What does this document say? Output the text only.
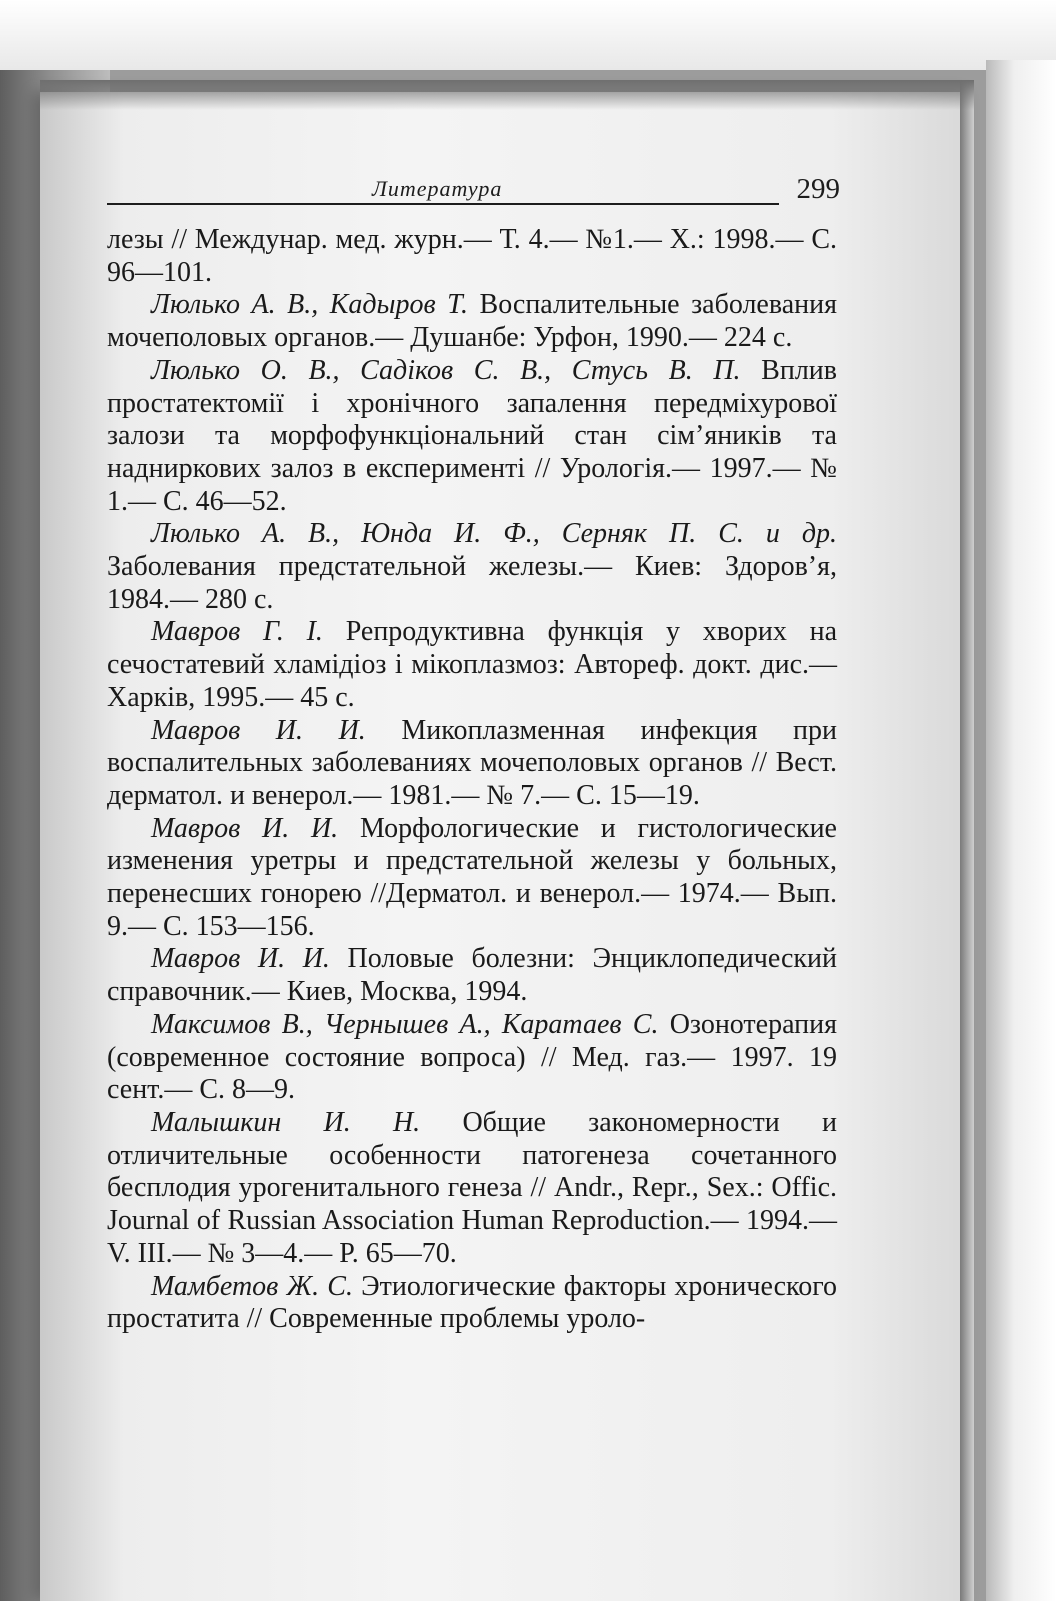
Литература	299

лезы // Междунар. мед. журн.— Т. 4.— №1.— Х.: 1998.— С. 96—101.

Люлько А. В., Кадыров Т. Воспалительные заболевания мочеполовых органов.— Душанбе: Урфон, 1990.— 224 с.

Люлько О. В., Садіков С. В., Стусь В. П. Вплив простатектомії і хронічного запалення передміхурової залози та морфофункціональний стан сім’яників та надниркових залоз в експерименті // Урологія.— 1997.— № 1.— С. 46—52.

Люлько А. В., Юнда И. Ф., Серняк П. С. и др. Заболевания предстательной железы.— Киев: Здоров’я, 1984.— 280 с.

Мавров Г. І. Репродуктивна функція у хворих на сечостатевий хламідіоз і мікоплазмоз: Автореф. докт. дис.— Харків, 1995.— 45 с.

Мавров И. И. Микоплазменная инфекция при воспалительных заболеваниях мочеполовых органов // Вест. дерматол. и венерол.— 1981.— № 7.— С. 15—19.

Мавров И. И. Морфологические и гистологические изменения уретры и предстательной железы у больных, перенесших гонорею //Дерматол. и венерол.— 1974.— Вып. 9.— С. 153—156.

Мавров И. И. Половые болезни: Энциклопедический справочник.— Киев, Москва, 1994.

Максимов В., Чернышев А., Каратаев С. Озонотерапия (современное состояние вопроса) // Мед. газ.— 1997. 19 сент.— С. 8—9.

Малышкин И. Н. Общие закономерности и отличительные особенности патогенеза сочетанного бесплодия урогенитального генеза // Andr., Repr., Sex.: Offic. Journal of Russian Association Human Reproduction.— 1994.— V. III.— № 3—4.— P. 65—70.

Мамбетов Ж. С. Этиологические факторы хронического простатита // Современные проблемы уроло-
